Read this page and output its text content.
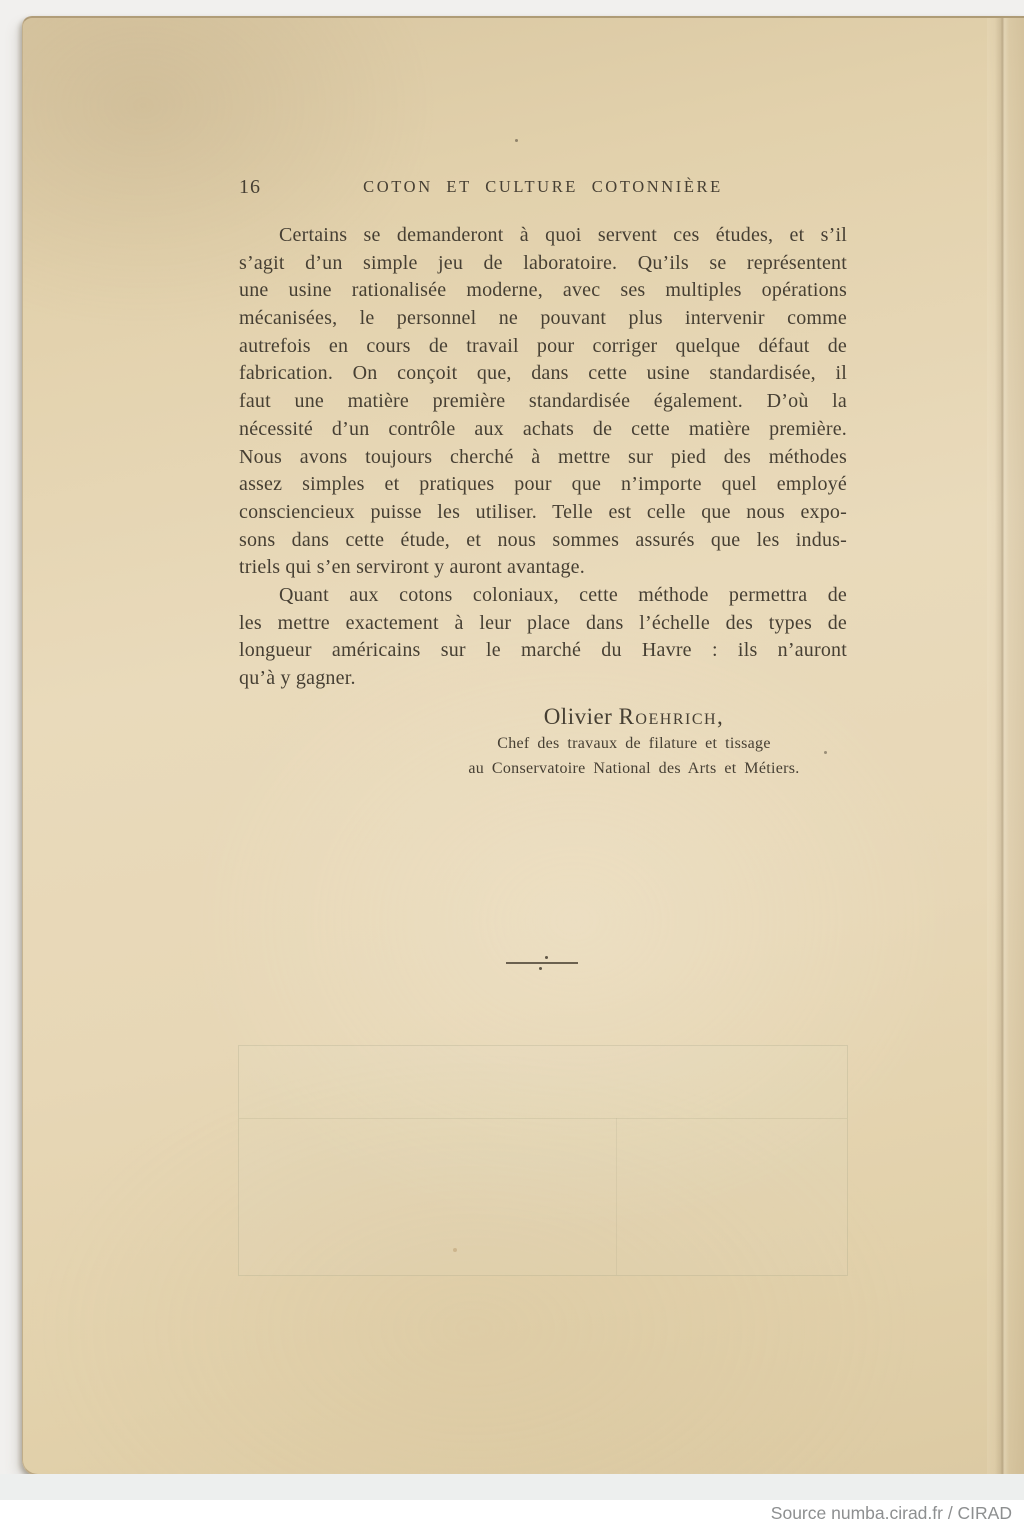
16	COTON ET CULTURE COTONNIÈRE
Certains se demanderont à quoi servent ces études, et s’il
s’agit d’un simple jeu de laboratoire. Qu’ils se représentent
une usine rationalisée moderne, avec ses multiples opérations
mécanisées, le personnel ne pouvant plus intervenir comme
autrefois en cours de travail pour corriger quelque défaut de
fabrication. On conçoit que, dans cette usine standardisée, il
faut une matière première standardisée également. D’où la
nécessité d’un contrôle aux achats de cette matière première.
Nous avons toujours cherché à mettre sur pied des méthodes
assez simples et pratiques pour que n’importe quel employé
consciencieux puisse les utiliser. Telle est celle que nous expo-
sons dans cette étude, et nous sommes assurés que les indus-
triels qui s’en serviront y auront avantage.
Quant aux cotons coloniaux, cette méthode permettra de
les mettre exactement à leur place dans l’échelle des types de
longueur américains sur le marché du Havre : ils n’auront
qu’à y gagner.
Olivier Roehrich,
Chef des travaux de filature et tissage
au Conservatoire National des Arts et Métiers.
Source numba.cirad.fr / CIRAD
